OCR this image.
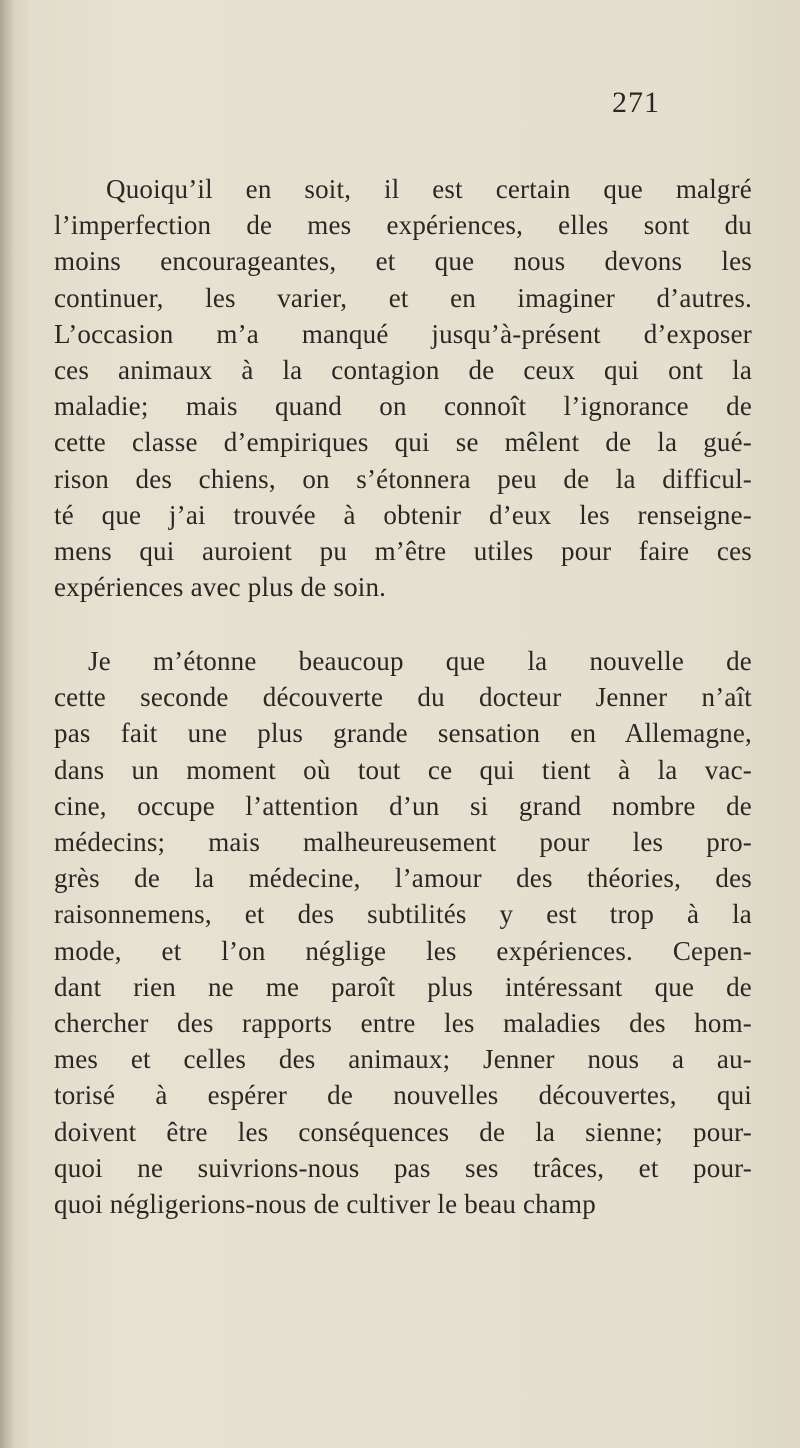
271

Quoiqu’il en soit, il est certain que malgré

l’imperfection de mes expériences, elles sont du

moins encourageantes, et que nous devons les

continuer, les varier, et en imaginer d’autres.

L’occasion m’a manqué jusqu’à-présent d’exposer

ces animaux à la contagion de ceux qui ont la

maladie; mais quand on connoît l’ignorance de

cette classe d’empiriques qui se mêlent de la gué-

rison des chiens, on s’étonnera peu de la difficul-

té que j’ai trouvée à obtenir d’eux les renseigne-

mens qui auroient pu m’être utiles pour faire ces

expériences avec plus de soin.

Je m’étonne beaucoup que la nouvelle de

cette seconde découverte du docteur Jenner n’aît

pas fait une plus grande sensation en Allemagne,

dans un moment où tout ce qui tient à la vac-

cine, occupe l’attention d’un si grand nombre de

médecins; mais malheureusement pour les pro-

grès de la médecine, l’amour des théories, des

raisonnemens, et des subtilités y est trop à la

mode, et l’on néglige les expériences. Cepen-

dant rien ne me paroît plus intéressant que de

chercher des rapports entre les maladies des hom-

mes et celles des animaux; Jenner nous a au-

torisé à espérer de nouvelles découvertes, qui

doivent être les conséquences de la sienne; pour-

quoi ne suivrions-nous pas ses trâces, et pour-

quoi négligerions-nous de cultiver le beau champ
